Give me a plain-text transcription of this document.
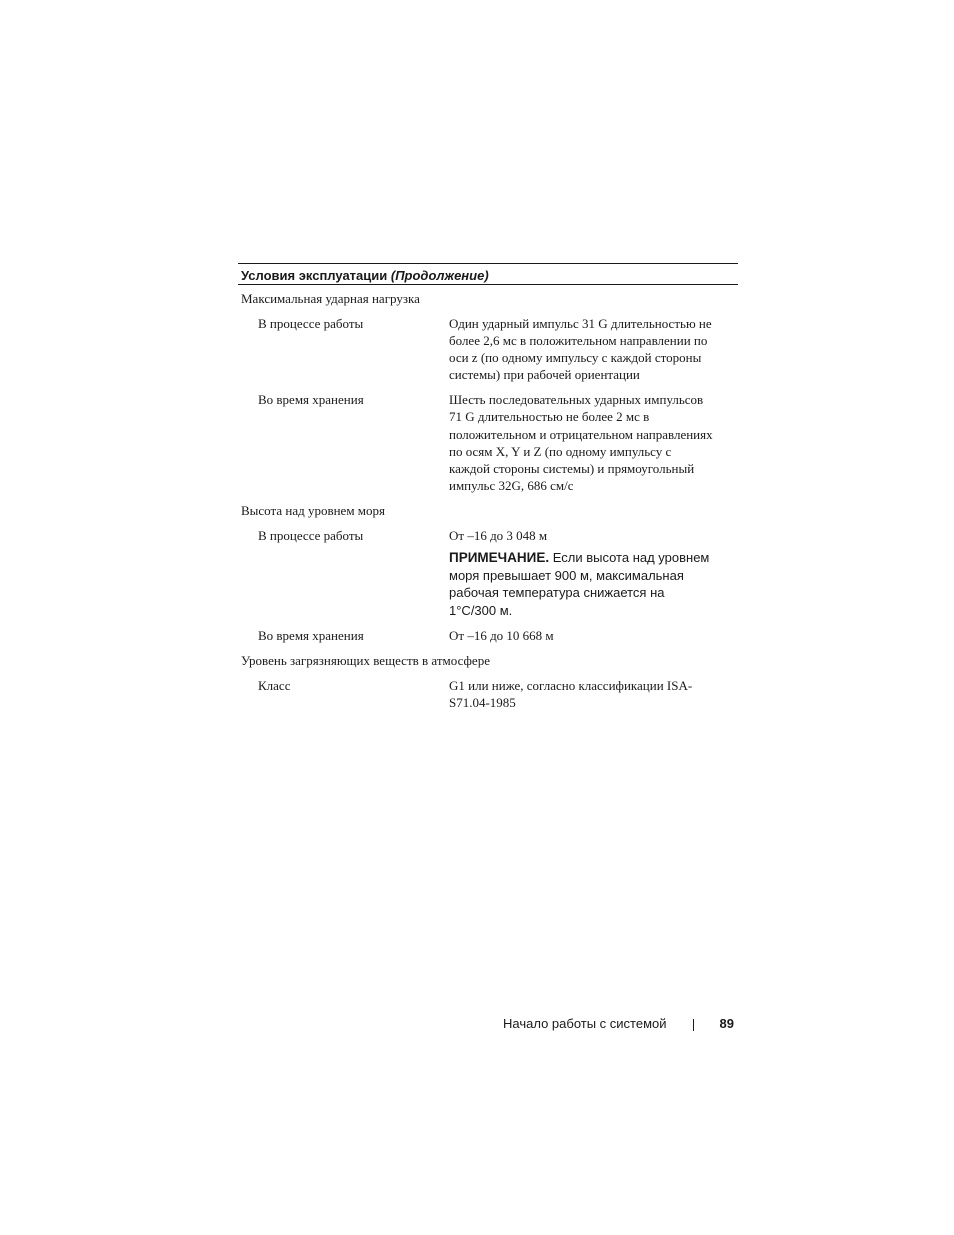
Условия эксплуатации (Продолжение)
Максимальная ударная нагрузка
В процессе работы	Один ударный импульс 31 G длительностью не более 2,6 мс в положительном направлении по оси z (по одному импульсу с каждой стороны системы) при рабочей ориентации
Во время хранения	Шесть последовательных ударных импульсов 71 G длительностью не более 2 мс в положительном и отрицательном направлениях по осям X, Y и Z (по одному импульсу с каждой стороны системы) и прямоугольный импульс 32G, 686 см/с
Высота над уровнем моря
В процессе работы	От –16 до 3 048 м
ПРИМЕЧАНИЕ. Если высота над уровнем моря превышает 900 м, максимальная рабочая температура снижается на 1°C/300 м.
Во время хранения	От –16 до 10 668 м
Уровень загрязняющих веществ в атмосфере
Класс	G1 или ниже, согласно классификации ISA-S71.04-1985
Начало работы с системой	89
